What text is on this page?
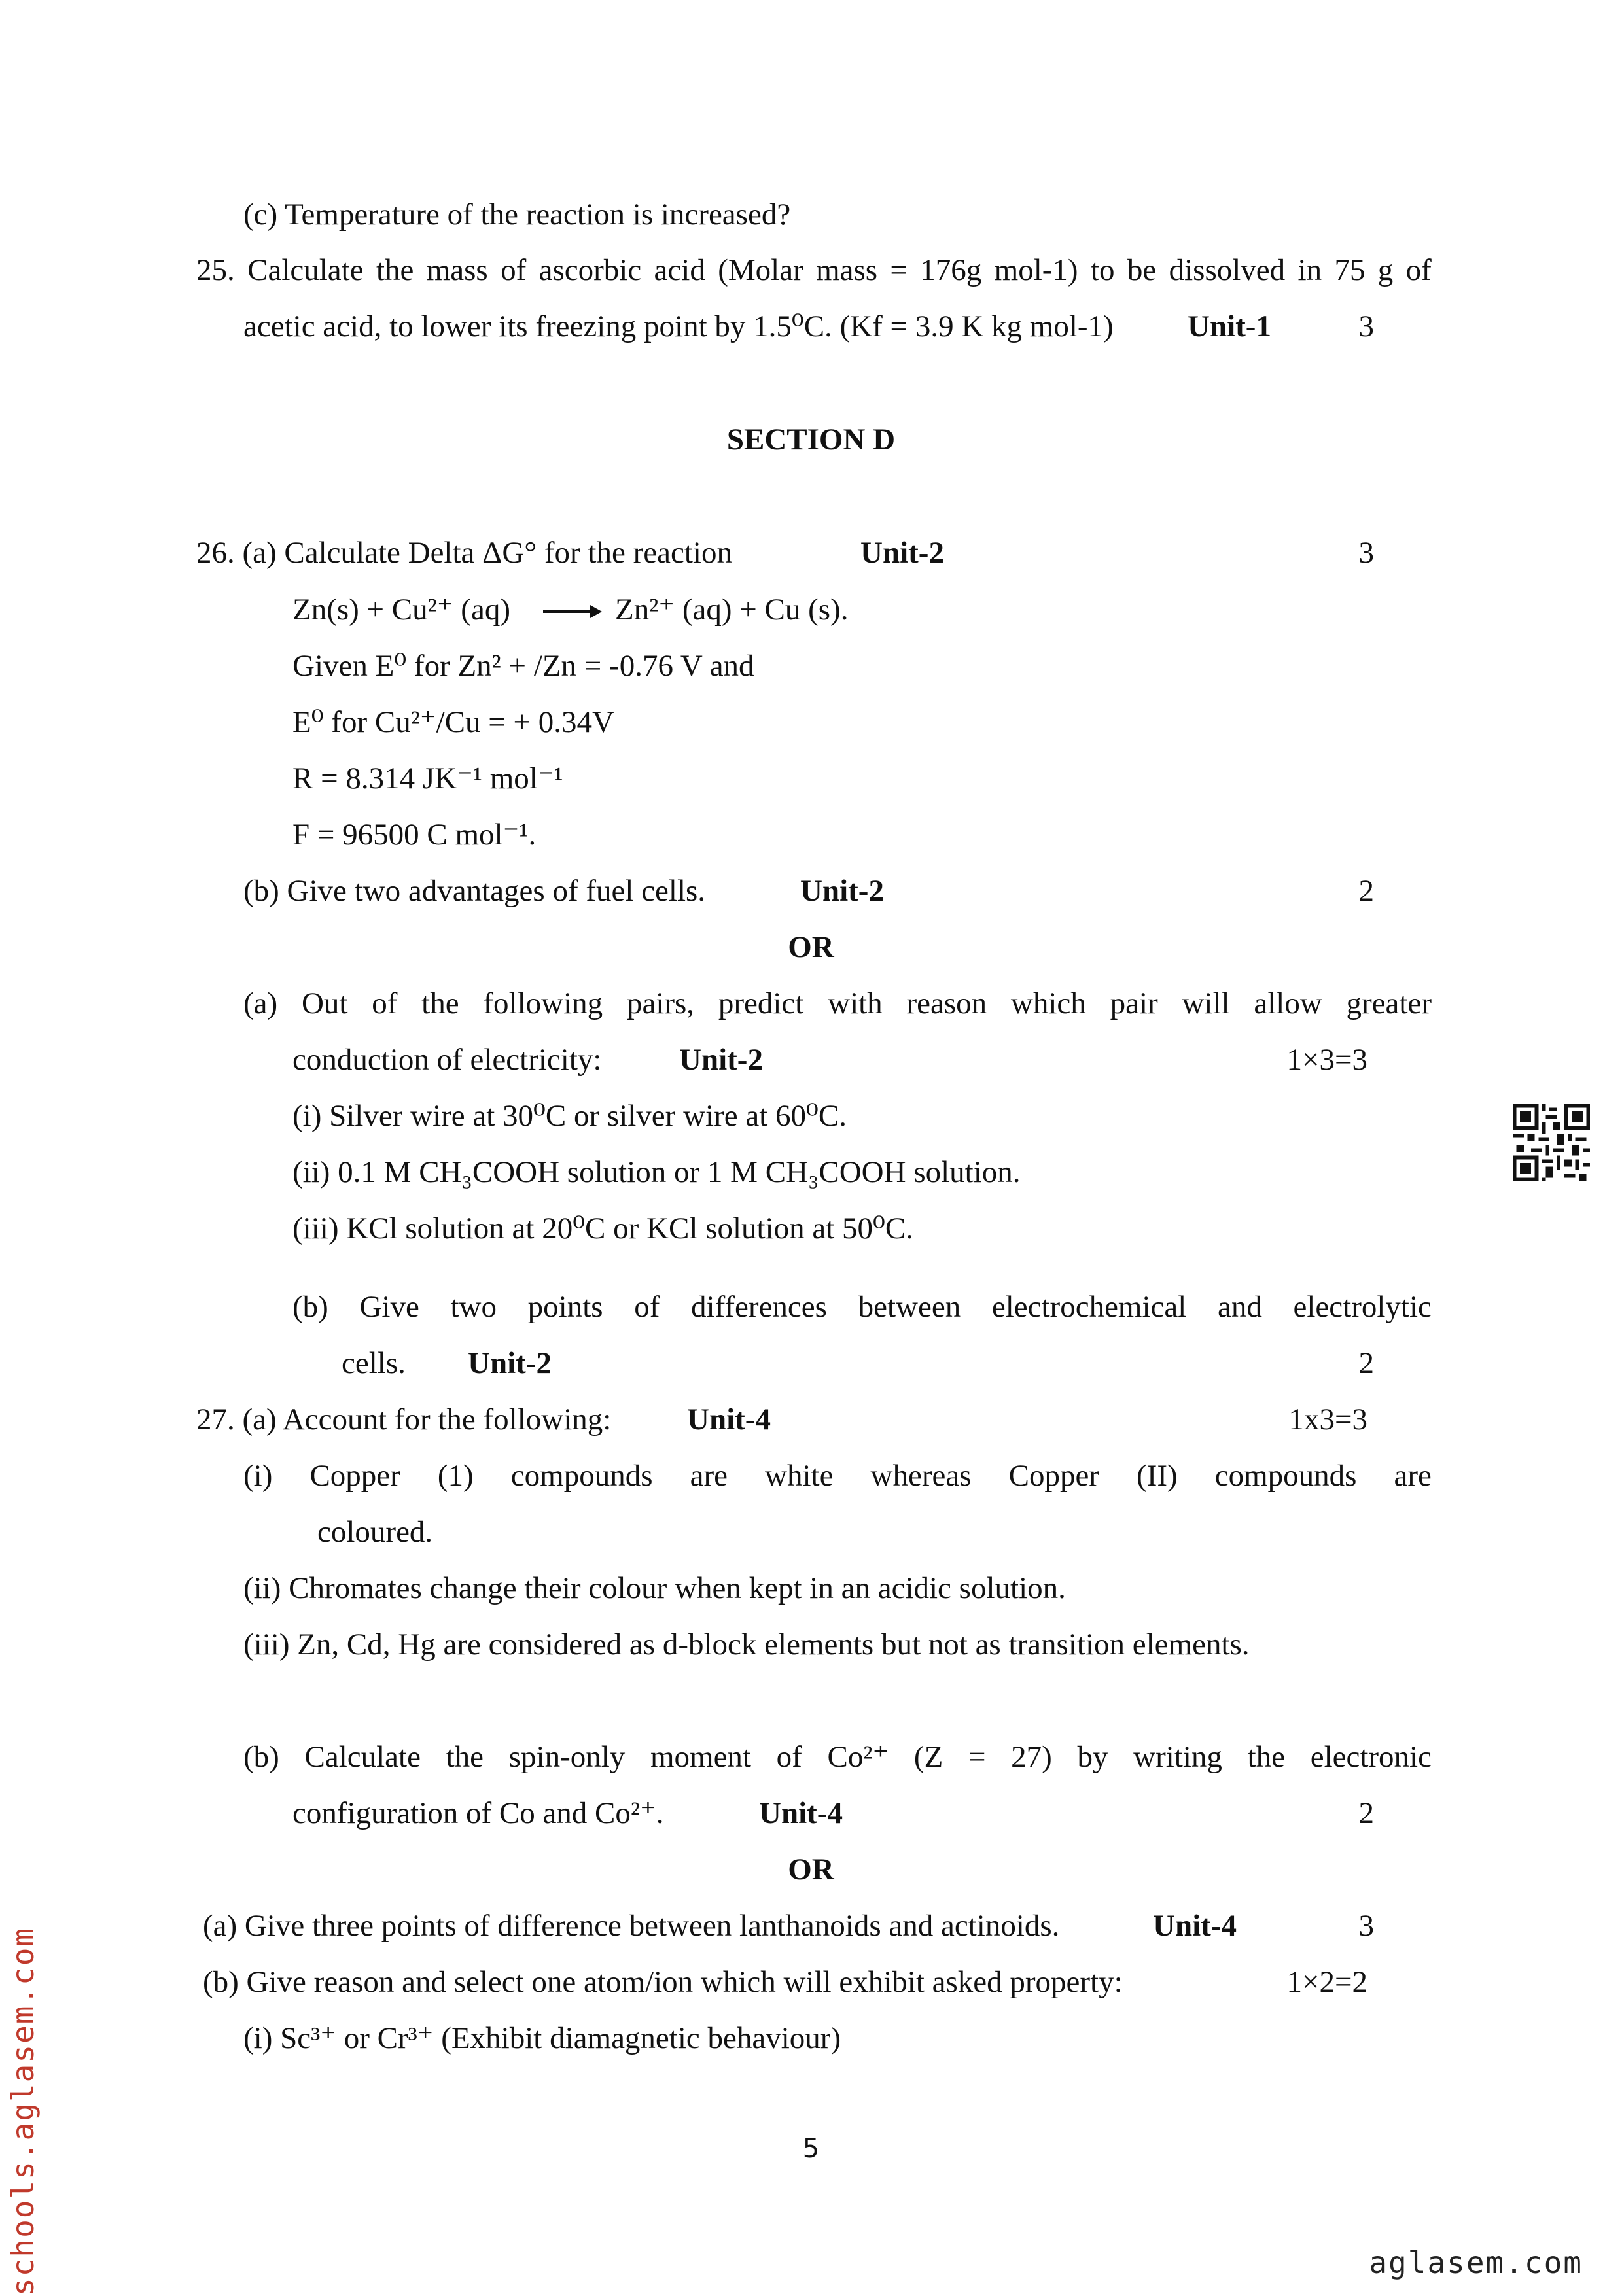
(c) Temperature of the reaction is increased?
25. Calculate the mass of ascorbic acid (Molar mass = 176g mol-1) to be dissolved in 75 g of
acetic acid, to lower its freezing point by 1.5⁰C. (Kf = 3.9 K kg mol-1) Unit-1	3
SECTION D
26. (a) Calculate Delta ΔG° for the reaction	Unit-2	3
Zn(s) + Cu²⁺ (aq) → Zn²⁺ (aq) + Cu (s).
Given E⁰ for Zn² + /Zn = -0.76 V and
E⁰ for Cu²⁺/Cu = + 0.34V
R = 8.314 JK⁻¹ mol⁻¹
F = 96500 C mol⁻¹.
(b) Give two advantages of fuel cells.	Unit-2	2
OR
(a) Out of the following pairs, predict with reason which pair will allow greater
conduction of electricity:	Unit-2	1×3=3
(i) Silver wire at 30⁰C or silver wire at 60⁰C.
(ii) 0.1 M CH₃COOH solution or 1 M CH₃COOH solution.
(iii) KCl solution at 20⁰C or KCl solution at 50⁰C.
(b) Give two points of differences between electrochemical and electrolytic
cells. Unit-2	2
27. (a) Account for the following: Unit-4	1x3=3
(i) Copper (1) compounds are white whereas Copper (II) compounds are
coloured.
(ii) Chromates change their colour when kept in an acidic solution.
(iii) Zn, Cd, Hg are considered as d-block elements but not as transition elements.
(b) Calculate the spin-only moment of Co²⁺ (Z = 27) by writing the electronic
configuration of Co and Co²⁺.	Unit-4	2
OR
(a) Give three points of difference between lanthanoids and actinoids.	Unit-4	3
(b) Give reason and select one atom/ion which will exhibit asked property:	1×2=2
(i) Sc³⁺ or Cr³⁺ (Exhibit diamagnetic behaviour)
5
schools.aglasem.com	aglasem.com
